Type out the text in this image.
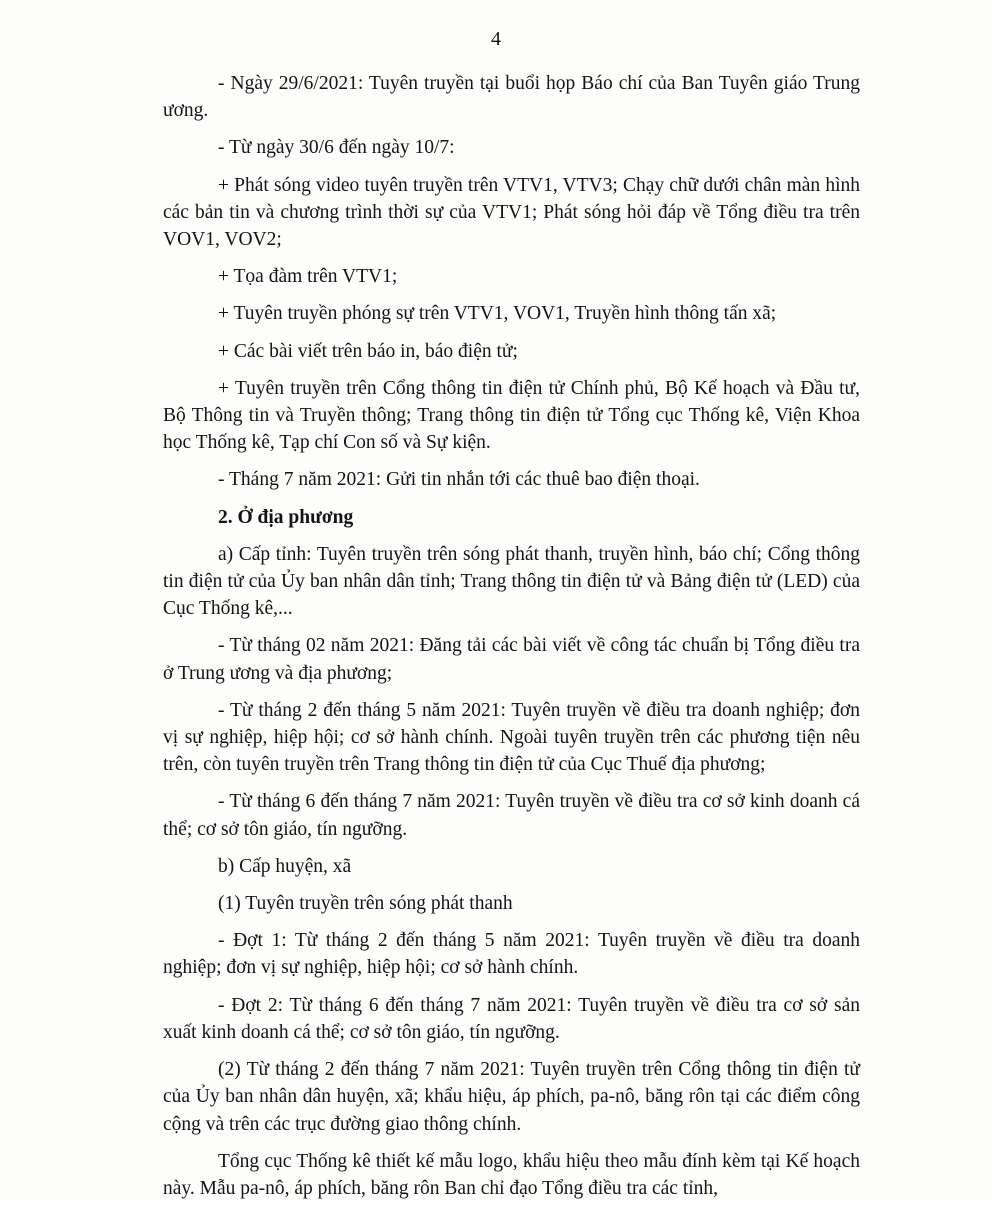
4

- Ngày 29/6/2021: Tuyên truyền tại buổi họp Báo chí của Ban Tuyên giáo Trung ương.

- Từ ngày 30/6 đến ngày 10/7:

+ Phát sóng video tuyên truyền trên VTV1, VTV3; Chạy chữ dưới chân màn hình các bản tin và chương trình thời sự của VTV1; Phát sóng hỏi đáp về Tổng điều tra trên VOV1, VOV2;

+ Tọa đàm trên VTV1;

+ Tuyên truyền phóng sự trên VTV1, VOV1, Truyền hình thông tấn xã;

+ Các bài viết trên báo in, báo điện tử;

+ Tuyên truyền trên Cổng thông tin điện tử Chính phủ, Bộ Kế hoạch và Đầu tư, Bộ Thông tin và Truyền thông; Trang thông tin điện tử Tổng cục Thống kê, Viện Khoa học Thống kê, Tạp chí Con số và Sự kiện.

- Tháng 7 năm 2021: Gửi tin nhắn tới các thuê bao điện thoại.

2. Ở địa phương

a) Cấp tỉnh: Tuyên truyền trên sóng phát thanh, truyền hình, báo chí; Cổng thông tin điện tử của Ủy ban nhân dân tỉnh; Trang thông tin điện tử và Bảng điện tử (LED) của Cục Thống kê,...

- Từ tháng 02 năm 2021: Đăng tải các bài viết về công tác chuẩn bị Tổng điều tra ở Trung ương và địa phương;

- Từ tháng 2 đến tháng 5 năm 2021: Tuyên truyền về điều tra doanh nghiệp; đơn vị sự nghiệp, hiệp hội; cơ sở hành chính. Ngoài tuyên truyền trên các phương tiện nêu trên, còn tuyên truyền trên Trang thông tin điện tử của Cục Thuế địa phương;

- Từ tháng 6 đến tháng 7 năm 2021: Tuyên truyền về điều tra cơ sở kinh doanh cá thể; cơ sở tôn giáo, tín ngưỡng.

b) Cấp huyện, xã

(1) Tuyên truyền trên sóng phát thanh

- Đợt 1: Từ tháng 2 đến tháng 5 năm 2021: Tuyên truyền về điều tra doanh nghiệp; đơn vị sự nghiệp, hiệp hội; cơ sở hành chính.

- Đợt 2: Từ tháng 6 đến tháng 7 năm 2021: Tuyên truyền về điều tra cơ sở sản xuất kinh doanh cá thể; cơ sở tôn giáo, tín ngưỡng.

(2) Từ tháng 2 đến tháng 7 năm 2021: Tuyên truyền trên Cổng thông tin điện tử của Ủy ban nhân dân huyện, xã; khẩu hiệu, áp phích, pa-nô, băng rôn tại các điểm công cộng và trên các trục đường giao thông chính.

Tổng cục Thống kê thiết kế mẫu logo, khẩu hiệu theo mẫu đính kèm tại Kế hoạch này. Mẫu pa-nô, áp phích, băng rôn Ban chỉ đạo Tổng điều tra các tỉnh,
